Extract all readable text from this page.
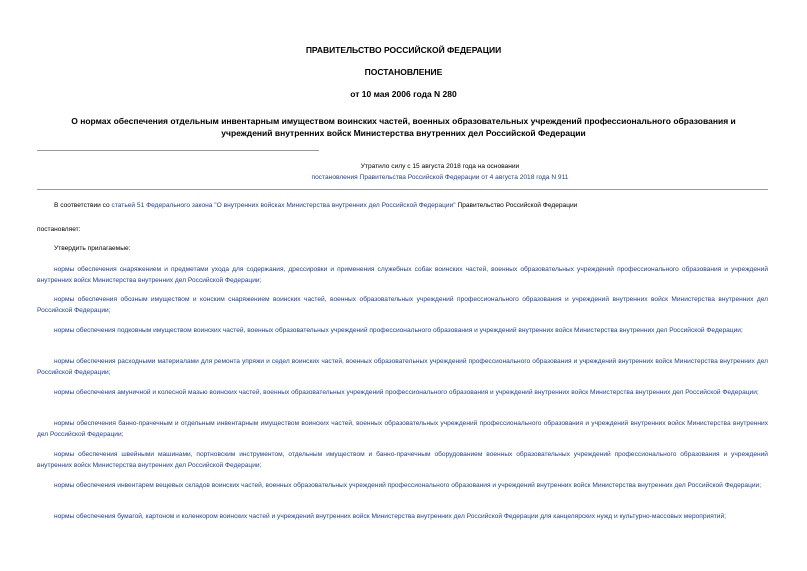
ПРАВИТЕЛЬСТВО РОССИЙСКОЙ ФЕДЕРАЦИИ
ПОСТАНОВЛЕНИЕ
от 10 мая 2006 года N 280
О нормах обеспечения отдельным инвентарным имуществом воинских частей, военных образовательных учреждений профессионального образования и
учреждений внутренних войск Министерства внутренних дел Российской Федерации
Утратило силу с 15 августа 2018 года на основании
постановления Правительства Российской Федерации от 4 августа 2018 года N 911
В соответствии со статьей 51 Федерального закона "О внутренних войсках Министерства внутренних дел Российской Федерации" Правительство Российской Федерации
постановляет:
Утвердить прилагаемые:
нормы обеспечения снаряжением и предметами ухода для содержания, дрессировки и применения служебных собак воинских частей, военных образовательных учреждений профессионального образования и учреждений внутренних войск Министерства внутренних дел Российской Федерации;
нормы обеспечения обозным имуществом и конским снаряжением воинских частей, военных образовательных учреждений профессионального образования и учреждений внутренних войск Министерства внутренних дел Российской Федерации;
нормы обеспечения подковным имуществом воинских частей, военных образовательных учреждений профессионального образования и учреждений внутренних войск Министерства внутренних дел Российской Федерации;
нормы обеспечения расходными материалами для ремонта упряжи и седел воинских частей, военных образовательных учреждений профессионального образования и учреждений внутренних войск Министерства внутренних дел Российской Федерации;
нормы обеспечения амуничной и колесной мазью воинских частей, военных образовательных учреждений профессионального образования и учреждений внутренних войск Министерства внутренних дел Российской Федерации;
нормы обеспечения банно-прачечным и отдельным инвентарным имуществом воинских частей, военных образовательных учреждений профессионального образования и учреждений внутренних войск Министерства внутренних дел Российской Федерации;
нормы обеспечения швейными машинами, портновским инструментом, отдельным имуществом и банно-прачечным оборудованием военных образовательных учреждений профессионального образования и учреждений внутренних войск Министерства внутренних дел Российской Федерации;
нормы обеспечения инвентарем вещевых складов воинских частей, военных образовательных учреждений профессионального образования и учреждений внутренних войск Министерства внутренних дел Российской Федерации;
нормы обеспечения бумагой, картоном и коленкором воинских частей и учреждений внутренних войск Министерства внутренних дел Российской Федерации для канцелярских нужд и культурно-массовых мероприятий;
